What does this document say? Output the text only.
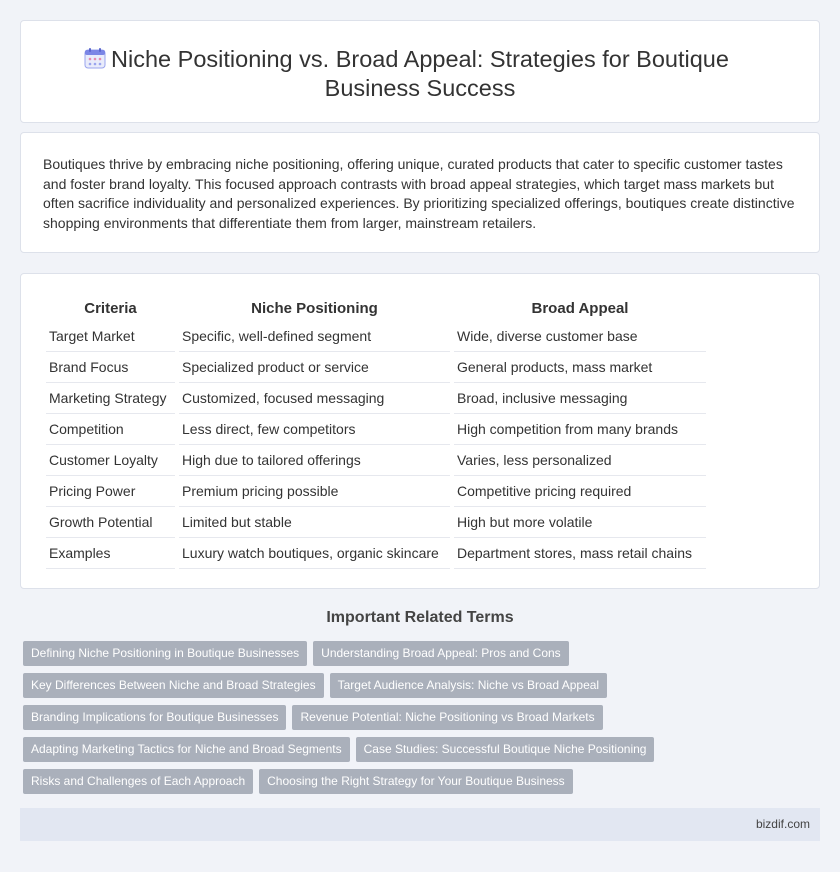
Niche Positioning vs. Broad Appeal: Strategies for Boutique Business Success

Boutiques thrive by embracing niche positioning, offering unique, curated products that cater to specific customer tastes and foster brand loyalty. This focused approach contrasts with broad appeal strategies, which target mass markets but often sacrifice individuality and personalized experiences. By prioritizing specialized offerings, boutiques create distinctive shopping environments that differentiate them from larger, mainstream retailers.

Criteria	Niche Positioning	Broad Appeal
Target Market	Specific, well-defined segment	Wide, diverse customer base
Brand Focus	Specialized product or service	General products, mass market
Marketing Strategy	Customized, focused messaging	Broad, inclusive messaging
Competition	Less direct, few competitors	High competition from many brands
Customer Loyalty	High due to tailored offerings	Varies, less personalized
Pricing Power	Premium pricing possible	Competitive pricing required
Growth Potential	Limited but stable	High but more volatile
Examples	Luxury watch boutiques, organic skincare	Department stores, mass retail chains
Important Related Terms
Defining Niche Positioning in Boutique Businesses	Understanding Broad Appeal: Pros and Cons
Key Differences Between Niche and Broad Strategies	Target Audience Analysis: Niche vs Broad Appeal
Branding Implications for Boutique Businesses	Revenue Potential: Niche Positioning vs Broad Markets
Adapting Marketing Tactics for Niche and Broad Segments	Case Studies: Successful Boutique Niche Positioning
Risks and Challenges of Each Approach	Choosing the Right Strategy for Your Boutique Business
bizdif.com
